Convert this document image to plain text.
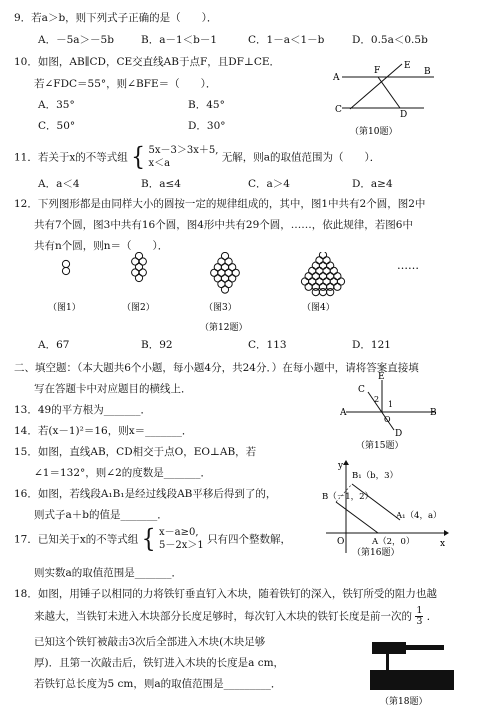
9．若a＞b，则下列式子正确的是（　　）．
A．－5a＞－5b	B．a－1＜b－1	C．1－a＜1－b	D．0.5a＜0.5b
10．如图，AB∥CD，CE交直线AB于点F，且DF⊥CE．
若∠FDC＝55°，则∠BFE＝（　　）．
A．35°	B．45°
C．50°	D．30°
A
B
C	D
E
F
（第10题）
11．若关于x的不等式组 { 5x－3＞3x＋5,
x＜a	无解，则a的取值范围为（　　）．
A．a＜4	B．a≤4	C．a＞4	D．a≥4
12．下列图形都是由同样大小的圆按一定的规律组成的，其中，图1中共有2个圆，图2中
共有7个圆，图3中共有16个圆，图4形中共有29个圆，……，依此规律，若图6中
共有n个圆，则n＝（　　）．
……
（图1）	（图2）	（图3）	（图4）
（第12题）
A．67	B．92	C．113	D．121
二、填空题：（本大题共6个小题，每小题4分，共24分．）在每小题中，请将答案直接填
写在答题卡中对应题目的横线上．
13．49的平方根为_______．
14．若(x－1)²＝16，则x＝_______．
15．如图，直线AB，CD相交于点O，EO⊥AB，若
∠1＝132°，则∠2的度数是_______．
A	B
C
D
E
O
1
2
（第15题）
16．如图，若线段A₁B₁是经过线段AB平移后得到了的，
则式子a＋b的值是_______．
y
x
O
B₁（b，3）
B（－1，2）
A₁（4，a）
A（2，0）
（第16题）
17．已知关于x的不等式组 { x－a≥0,
5－2x＞1 只有四个整数解，
则实数a的取值范围是_______．
18．如图，用锤子以相同的力将铁钉垂直钉入木块，随着铁钉的深入，铁钉所受的阻力也越
来越大，当铁钉未进入木块部分长度足够时，每次钉入木块的铁钉长度是前一次的 $\frac{1}{3}$ ．
已知这个铁钉被敲击3次后全部进入木块(木块足够
厚)．且第一次敲击后，铁钉进入木块的长度是a cm，
若铁钉总长度为5 cm，则a的取值范围是_________．
（第18题）
